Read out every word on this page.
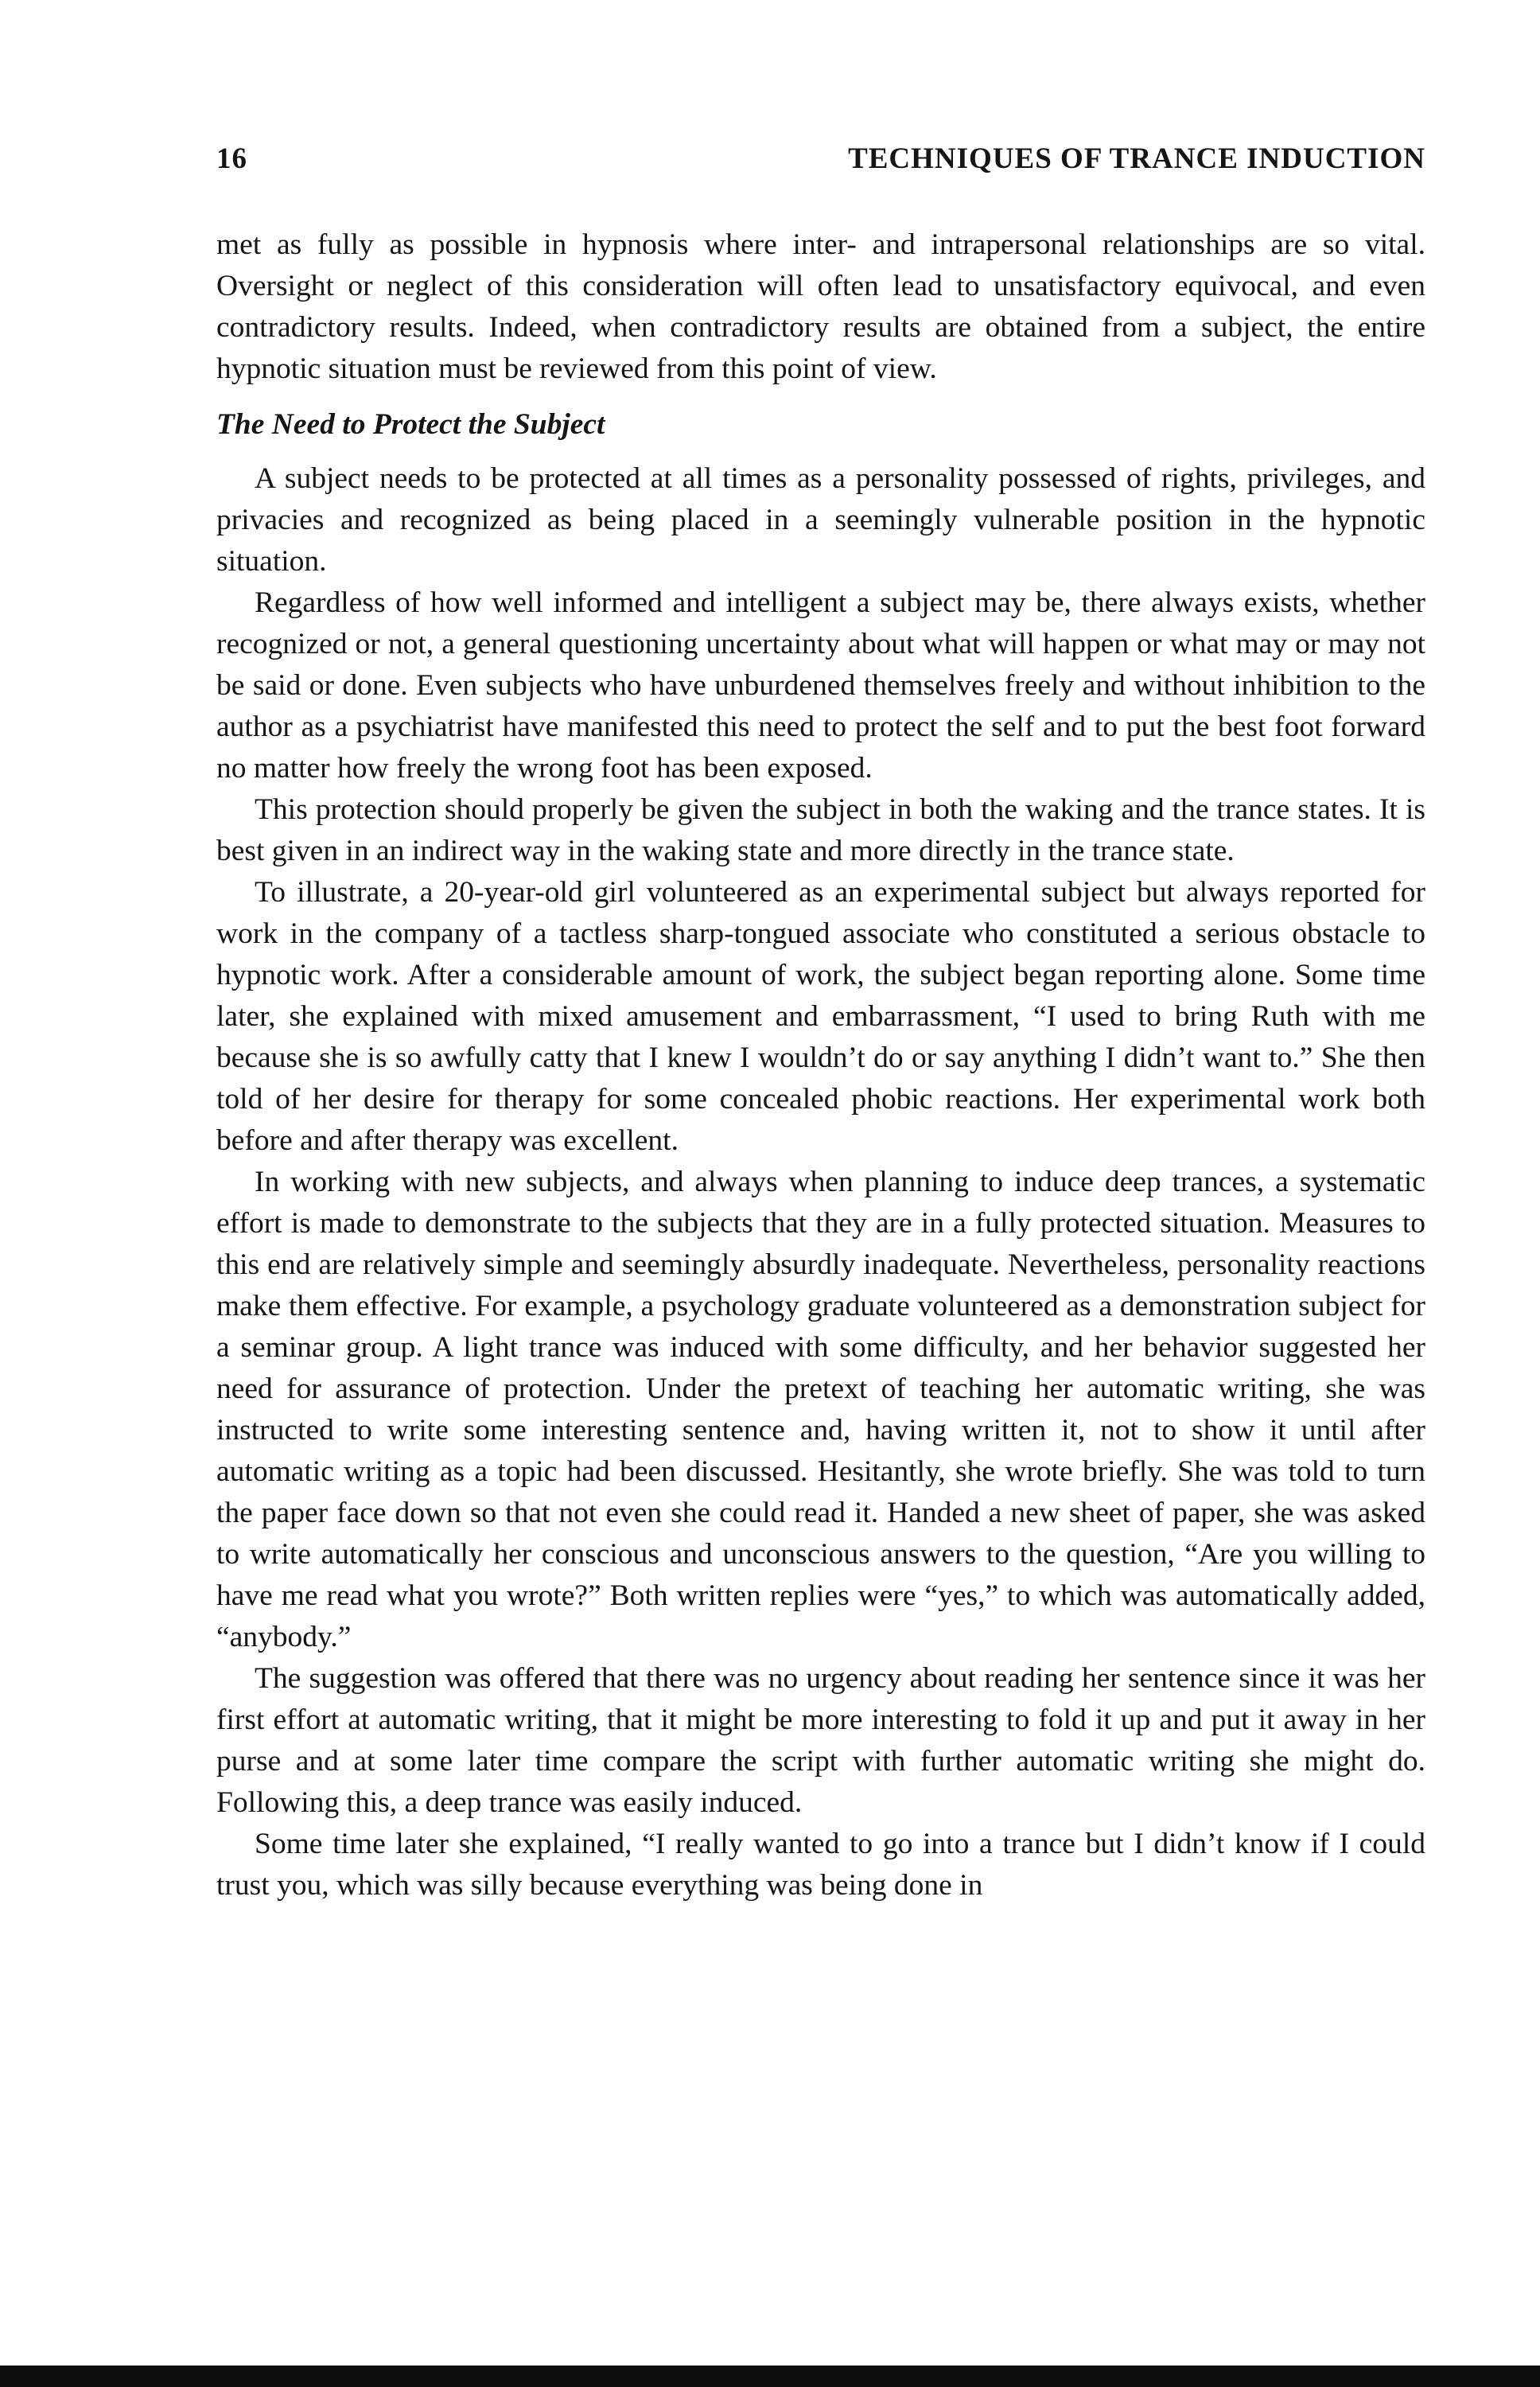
16	TECHNIQUES OF TRANCE INDUCTION

met as fully as possible in hypnosis where inter- and intrapersonal relationships are so vital. Oversight or neglect of this consideration will often lead to unsatisfactory equivocal, and even contradictory results. Indeed, when contradictory results are obtained from a subject, the entire hypnotic situation must be reviewed from this point of view.

The Need to Protect the Subject

A subject needs to be protected at all times as a personality possessed of rights, privileges, and privacies and recognized as being placed in a seemingly vulnerable position in the hypnotic situation.

Regardless of how well informed and intelligent a subject may be, there always exists, whether recognized or not, a general questioning uncertainty about what will happen or what may or may not be said or done. Even subjects who have unburdened themselves freely and without inhibition to the author as a psychiatrist have manifested this need to protect the self and to put the best foot forward no matter how freely the wrong foot has been exposed.

This protection should properly be given the subject in both the waking and the trance states. It is best given in an indirect way in the waking state and more directly in the trance state.

To illustrate, a 20-year-old girl volunteered as an experimental subject but always reported for work in the company of a tactless sharp-tongued associate who constituted a serious obstacle to hypnotic work. After a considerable amount of work, the subject began reporting alone. Some time later, she explained with mixed amusement and embarrassment, “I used to bring Ruth with me because she is so awfully catty that I knew I wouldn’t do or say anything I didn’t want to.” She then told of her desire for therapy for some concealed phobic reactions. Her experimental work both before and after therapy was excellent.

In working with new subjects, and always when planning to induce deep trances, a systematic effort is made to demonstrate to the subjects that they are in a fully protected situation. Measures to this end are relatively simple and seemingly absurdly inadequate. Nevertheless, personality reactions make them effective. For example, a psychology graduate volunteered as a demonstration subject for a seminar group. A light trance was induced with some difficulty, and her behavior suggested her need for assurance of protection. Under the pretext of teaching her automatic writing, she was instructed to write some interesting sentence and, having written it, not to show it until after automatic writing as a topic had been discussed. Hesitantly, she wrote briefly. She was told to turn the paper face down so that not even she could read it. Handed a new sheet of paper, she was asked to write automatically her conscious and unconscious answers to the question, “Are you willing to have me read what you wrote?” Both written replies were “yes,” to which was automatically added, “anybody.”

The suggestion was offered that there was no urgency about reading her sentence since it was her first effort at automatic writing, that it might be more interesting to fold it up and put it away in her purse and at some later time compare the script with further automatic writing she might do. Following this, a deep trance was easily induced.

Some time later she explained, “I really wanted to go into a trance but I didn’t know if I could trust you, which was silly because everything was being done in
